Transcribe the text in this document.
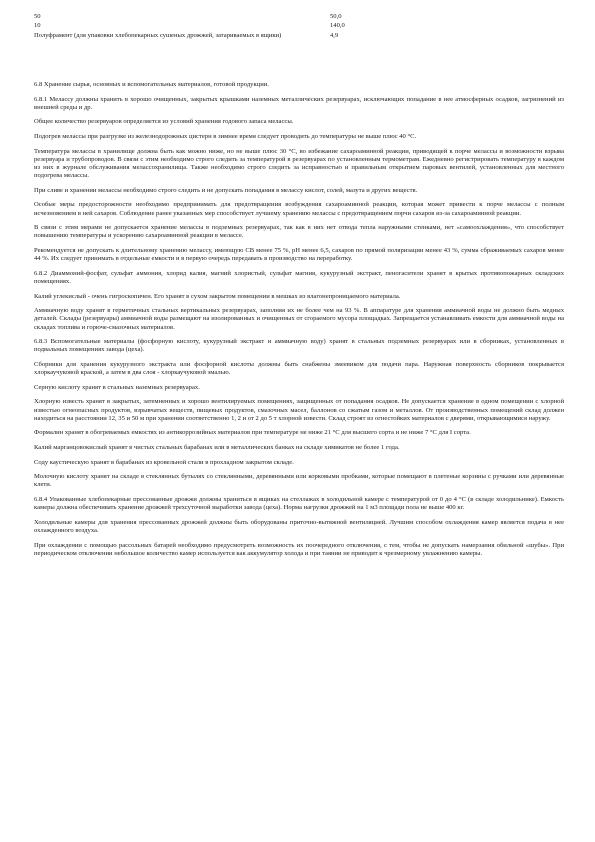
50	50,0
10	140,0
Полуфрамент (для упаковки хлебопекарных сушеных дрожжей, затариваемых в ящики)	4,9

6.8 Хранение сырья, основных и вспомогательных материалов, готовой продукции.

6.8.1 Мелассу должны хранить в хорошо очищенных, закрытых крышками наземных металлических резервуарах, исключающих попадание в нее атмосферных осадков, загрязнений из внешней среды и др.

Общее количество резервуаров определяется из условий хранения годового запаса мелассы.

Подогрев мелассы при разгрузке из железнодорожных цистерн в зимнее время следует проводить до температуры не выше плюс 40 °С.

Температура мелассы в хранилище должна быть как можно ниже, но не выше плюс 30 °С, во избежание сахароаминной реакции, приводящей к порче мелассы и возможности взрыва резервуара и трубопроводов. В связи с этим необходимо строго следить за температурой в резервуарах по установленным термометрам. Ежедневно регистрировать температуру в каждом из них в журнале обслуживания мелассохранилища. Также необходимо строго следить за исправностью и правильным открытием паровых вентилей, установленных для местного подогрева мелассы.

При сливе и хранении мелассы необходимо строго следить и не допускать попадания в мелассу кислот, солей, мазута и других веществ.

Особые меры предосторожности необходимо предпринимать для предотвращения возбуждения сахароаминной реакции, которая может привести к порче мелассы с полным исчезновением в ней сахаров. Соблюдение ранее указанных мер способствует лучшему хранению мелассы с предотвращением порчи сахаров из-за сахароаминной реакции.

В связи с этим мерами не допускается хранение мелассы в подземных резервуарах, так как в них нет отвода тепла наружными стенками, нет «самоохлаждения», что способствует повышению температуры и ускорению сахароаминной реакции в мелассе.

Рекомендуется не допускать к длительному хранению мелассу, имеющую СВ менее 75 %, рН менее 6,5, сахаров по прямой поляризации менее 43 %, сумма сбраживаемых сахаров менее 44 %. Их следует принимать в отдельные емкости и в первую очередь передавать в производство на переработку.

6.8.2 Диаммоний-фосфат, сульфат аммония, хлорид калия, магний хлористый, сульфат магния, кукурузный экстракт, пеногасители хранят в крытых противопожарных складских помещениях.

Калий углекислый - очень гигроскопичен. Его хранят в сухом закрытом помещении в мешках из влагонепроницаемого материала.

Аммиачную воду хранят в герметичных стальных вертикальных резервуарах, заполняя их не более чем на 93 %. В аппаратуре для хранения аммиачной воды не должно быть медных деталей. Склады (резервуары) аммиачной воды размещают на изолированных и очищенных от сгораемого мусора площадках. Запрещается устанавливать емкости для аммиачной воды на складах топлива и горюче-смазочных материалов.

6.8.3 Вспомогательные материалы (фосфорную кислоту, кукурузный экстракт и аммиачную воду) хранят в стальных подземных резервуарах или в сборниках, установленных в подвальных помещениях завода (цеха).

Сборники для хранения кукурузного экстракта или фосфорной кислоты должны быть снабжены змеевиком для подачи пара. Наружная поверхность сборников покрывается хлоркаучуковой краской, а затем в два слоя - хлоркаучуковой эмалью.

Серную кислоту хранят в стальных наземных резервуарах.

Хлорную известь хранят в закрытых, затемненных и хорошо вентилируемых помещениях, защищенных от попадания осадков. Не допускается хранение в одном помещении с хлорной известью огнеопасных продуктов, взрывчатых веществ, пищевых продуктов, смазочных масел, баллонов со сжатым газом и металлов. От производственных помещений склад должен находиться на расстоянии 12, 35 и 50 м при хранении соответственно 1, 2 и от 2 до 5 т хлорной извести. Склад строят из огнестойких материалов с дверями, открывающимися наружу.

Формалин хранят в обогреваемых емкостях из антикоррозийных материалов при температуре не ниже 21 °С для высшего сорта и не ниже 7 °С для I сорта.

Калий марганцовокислый хранят в чистых стальных барабанах или в металлических банках на складе химикатов не более 1 года.

Соду каустическую хранят в барабанах из кровельной стали в прохладном закрытом складе.

Молочную кислоту хранят на складе в стеклянных бутылях со стеклянными, деревянными или корковыми пробками, которые помещают в плетеные корзины с ручками или деревянные клети.

6.8.4 Упакованные хлебопекарные прессованные дрожжи должны храниться в ящиках на стеллажах в холодильной камере с температурой от 0 до 4 °С (в складе холодильнике). Емкость камеры должна обеспечивать хранение дрожжей трехсуточной выработки завода (цеха). Норма нагрузки дрожжей на 1 м3 площади пола не выше 400 кг.

Холодильные камеры для хранения прессованных дрожжей должны быть оборудованы приточно-вытяжной вентиляцией. Лучшим способом охлаждения камер является подача в нее охлажденного воздуха.

При охлаждении с помощью рассольных батарей необходимо предусмотреть возможность их поочередного отключения, с тем, чтобы не допускать намерзания обильной «шубы». При периодическом отключении небольшое количество камер используется как аккумулятор холода и при таянии не приводит к чрезмерному увлажнению камеры.
